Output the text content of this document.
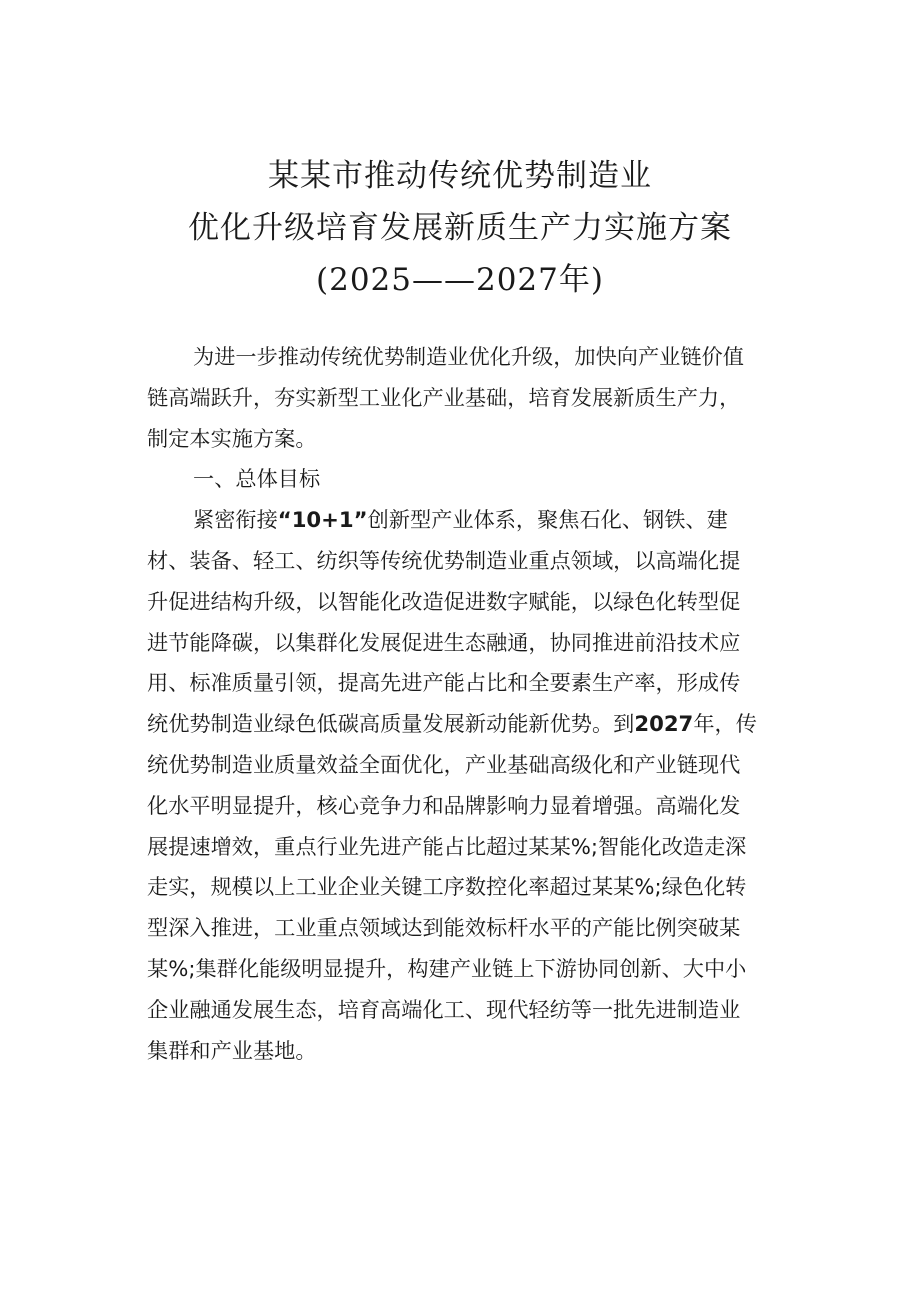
某某市推动传统优势制造业
优化升级培育发展新质生产力实施方案
(2025——2027年)
为进一步推动传统优势制造业优化升级，加快向产业链价值
链高端跃升，夯实新型工业化产业基础，培育发展新质生产力，
制定本实施方案。
一、总体目标
紧密衔接“10+1”创新型产业体系，聚焦石化、钢铁、建
材、装备、轻工、纺织等传统优势制造业重点领域，以高端化提
升促进结构升级，以智能化改造促进数字赋能，以绿色化转型促
进节能降碳，以集群化发展促进生态融通，协同推进前沿技术应
用、标准质量引领，提高先进产能占比和全要素生产率，形成传
统优势制造业绿色低碳高质量发展新动能新优势。到2027年，传
统优势制造业质量效益全面优化，产业基础高级化和产业链现代
化水平明显提升，核心竞争力和品牌影响力显着增强。高端化发
展提速增效，重点行业先进产能占比超过某某%;智能化改造走深
走实，规模以上工业企业关键工序数控化率超过某某%;绿色化转
型深入推进，工业重点领域达到能效标杆水平的产能比例突破某
某%;集群化能级明显提升，构建产业链上下游协同创新、大中小
企业融通发展生态，培育高端化工、现代轻纺等一批先进制造业
集群和产业基地。
